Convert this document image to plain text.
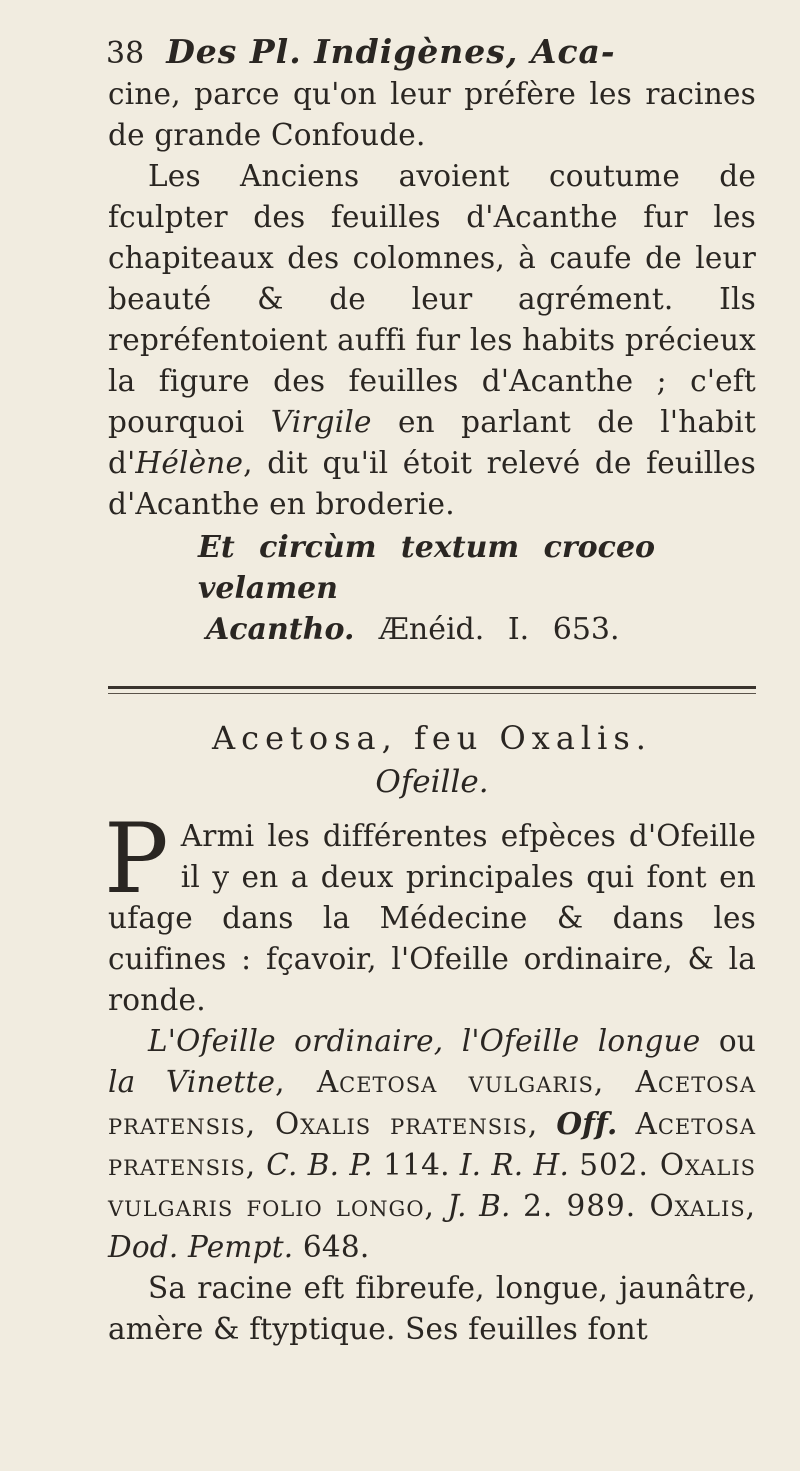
38 Des Pl. Indigènes, Aca-

cine, parce qu'on leur préfère les racines de grande Confoude.

Les Anciens avoient coutume de fculpter des feuilles d'Acanthe fur les chapiteaux des colomnes, à caufe de leur beauté & de leur agrément. Ils repréfentoient auffi fur les habits précieux la figure des feuilles d'Acanthe ; c'eft pourquoi Virgile en parlant de l'habit d'Hélène, dit qu'il étoit relevé de feuilles d'Acanthe en broderie.

Et circùm textum croceo velamen

Acantho. Ænéid. I. 653.

Acetosa, feu Oxalis.

Ofeille.

P Armi les différentes efpèces d'Ofeille il y en a deux principales qui font en ufage dans la Médecine & dans les cuifines : fçavoir, l'Ofeille ordinaire, & la ronde.

L'Ofeille ordinaire, l'Ofeille longue ou la Vinette, Acetosa vulgaris, Acetosa pratensis, Oxalis pratensis, Off. Acetosa pratensis, C. B. P. 114. I. R. H. 502. Oxalis vulgaris folio longo, J. B. 2. 989. Oxalis, Dod. Pempt. 648.

Sa racine eft fibreufe, longue, jaunâtre, amère & ftyptique. Ses feuilles font
